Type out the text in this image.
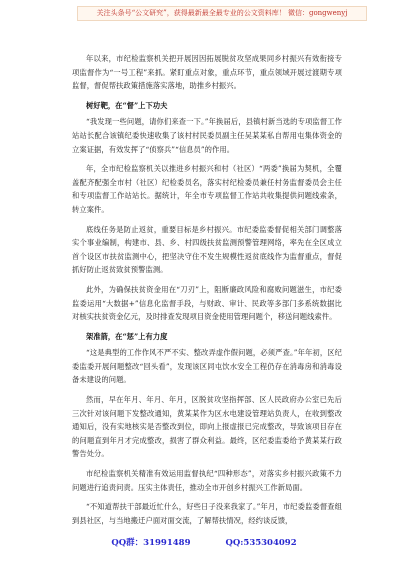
关注头条号“公文研究”，获得最新最全最专业的公文资料库！ 微信：gongwenyj

年以来，市纪检监察机关把开展因因拓展脱贫攻坚成果同乡村振兴有效衔接专项监督作为“一号工程”来抓。紧盯重点对象，重点环节，重点领域开展过渡期专项监督，督促帮扶政策措施落实落地，助推乡村振兴。

树好靶，在“督”上下功夫

“我发现一些问题，请你们来查一下。”年换届后，县镇村新当选的专项监督工作站站长配合该镇纪委快速收集了该村村民委员副主任吴某某私自帮用屯集体资金的立案证据，有效发挥了“侦察兵”“信息员”的作用。

年，全市纪检监察机关以推进乡村振兴和村（社区）“两委”换届为契机，全覆盖配齐配强全市村（社区）纪检委员名，落实村纪检委员兼任村务监督委员会主任和专项监督工作站站长。据统计，年全市专项监督工作站共收集提供问题线索条，转立案件。

底线任务是防止返贫，重要目标是乡村振兴。市纪委监委督促相关部门调整落实个事业编制，构建市、县、乡、村四级扶贫监测预警管理网络，率先在全区成立首个设区市扶贫监测中心，把坚决守住不发生规模性返贫底线作为监督重点，督促抓好防止返贫致贫预警监测。

此外，为确保扶贫资金用在“刀刃”上，阻断廉政风险和腐败问题滋生，市纪委监委运用“大数据+”信息化监督手段，与财政、审计、民政等多部门多系统数据比对核实扶贫资金亿元，及时排查发现项目资金使用管理问题个，移送问题线索件。

架准箭，在“惩”上有力度

“这是典型的工作作风不严不实、整改弄虚作假问题，必须严查。”年年初，区纪委监委开展问题整改“回头看”，发现该区同屯饮水安全工程仍存在消毒房和消毒设备未建设的问题。

然而，早在年月、年月、年月，区脱贫攻坚指挥部、区人民政府办公室已先后三次针对该问题下发整改通知，黄某某作为区水电建设管理站负责人，在收到整改通知后，没有实地核实是否整改到位，即向上报虚报已完成整改，导致该项目存在的问题直到年月才完成整改，损害了群众利益。最终，区纪委监委给予黄某某行政警告处分。

市纪检监察机关精准有效运用监督执纪“四种形态”，对落实乡村振兴政策不力问题进行追责问责。压实主体责任，推动全市开创乡村振兴工作新局面。

“不知道帮扶干部最近忙什么，好些日子没来我家了。”年月，市纪委监委督查组到县社区，与当地搬迁户面对面交流，了解帮扶情况，经约谈反馈，

QQ群：31991489	QQ:535304092
